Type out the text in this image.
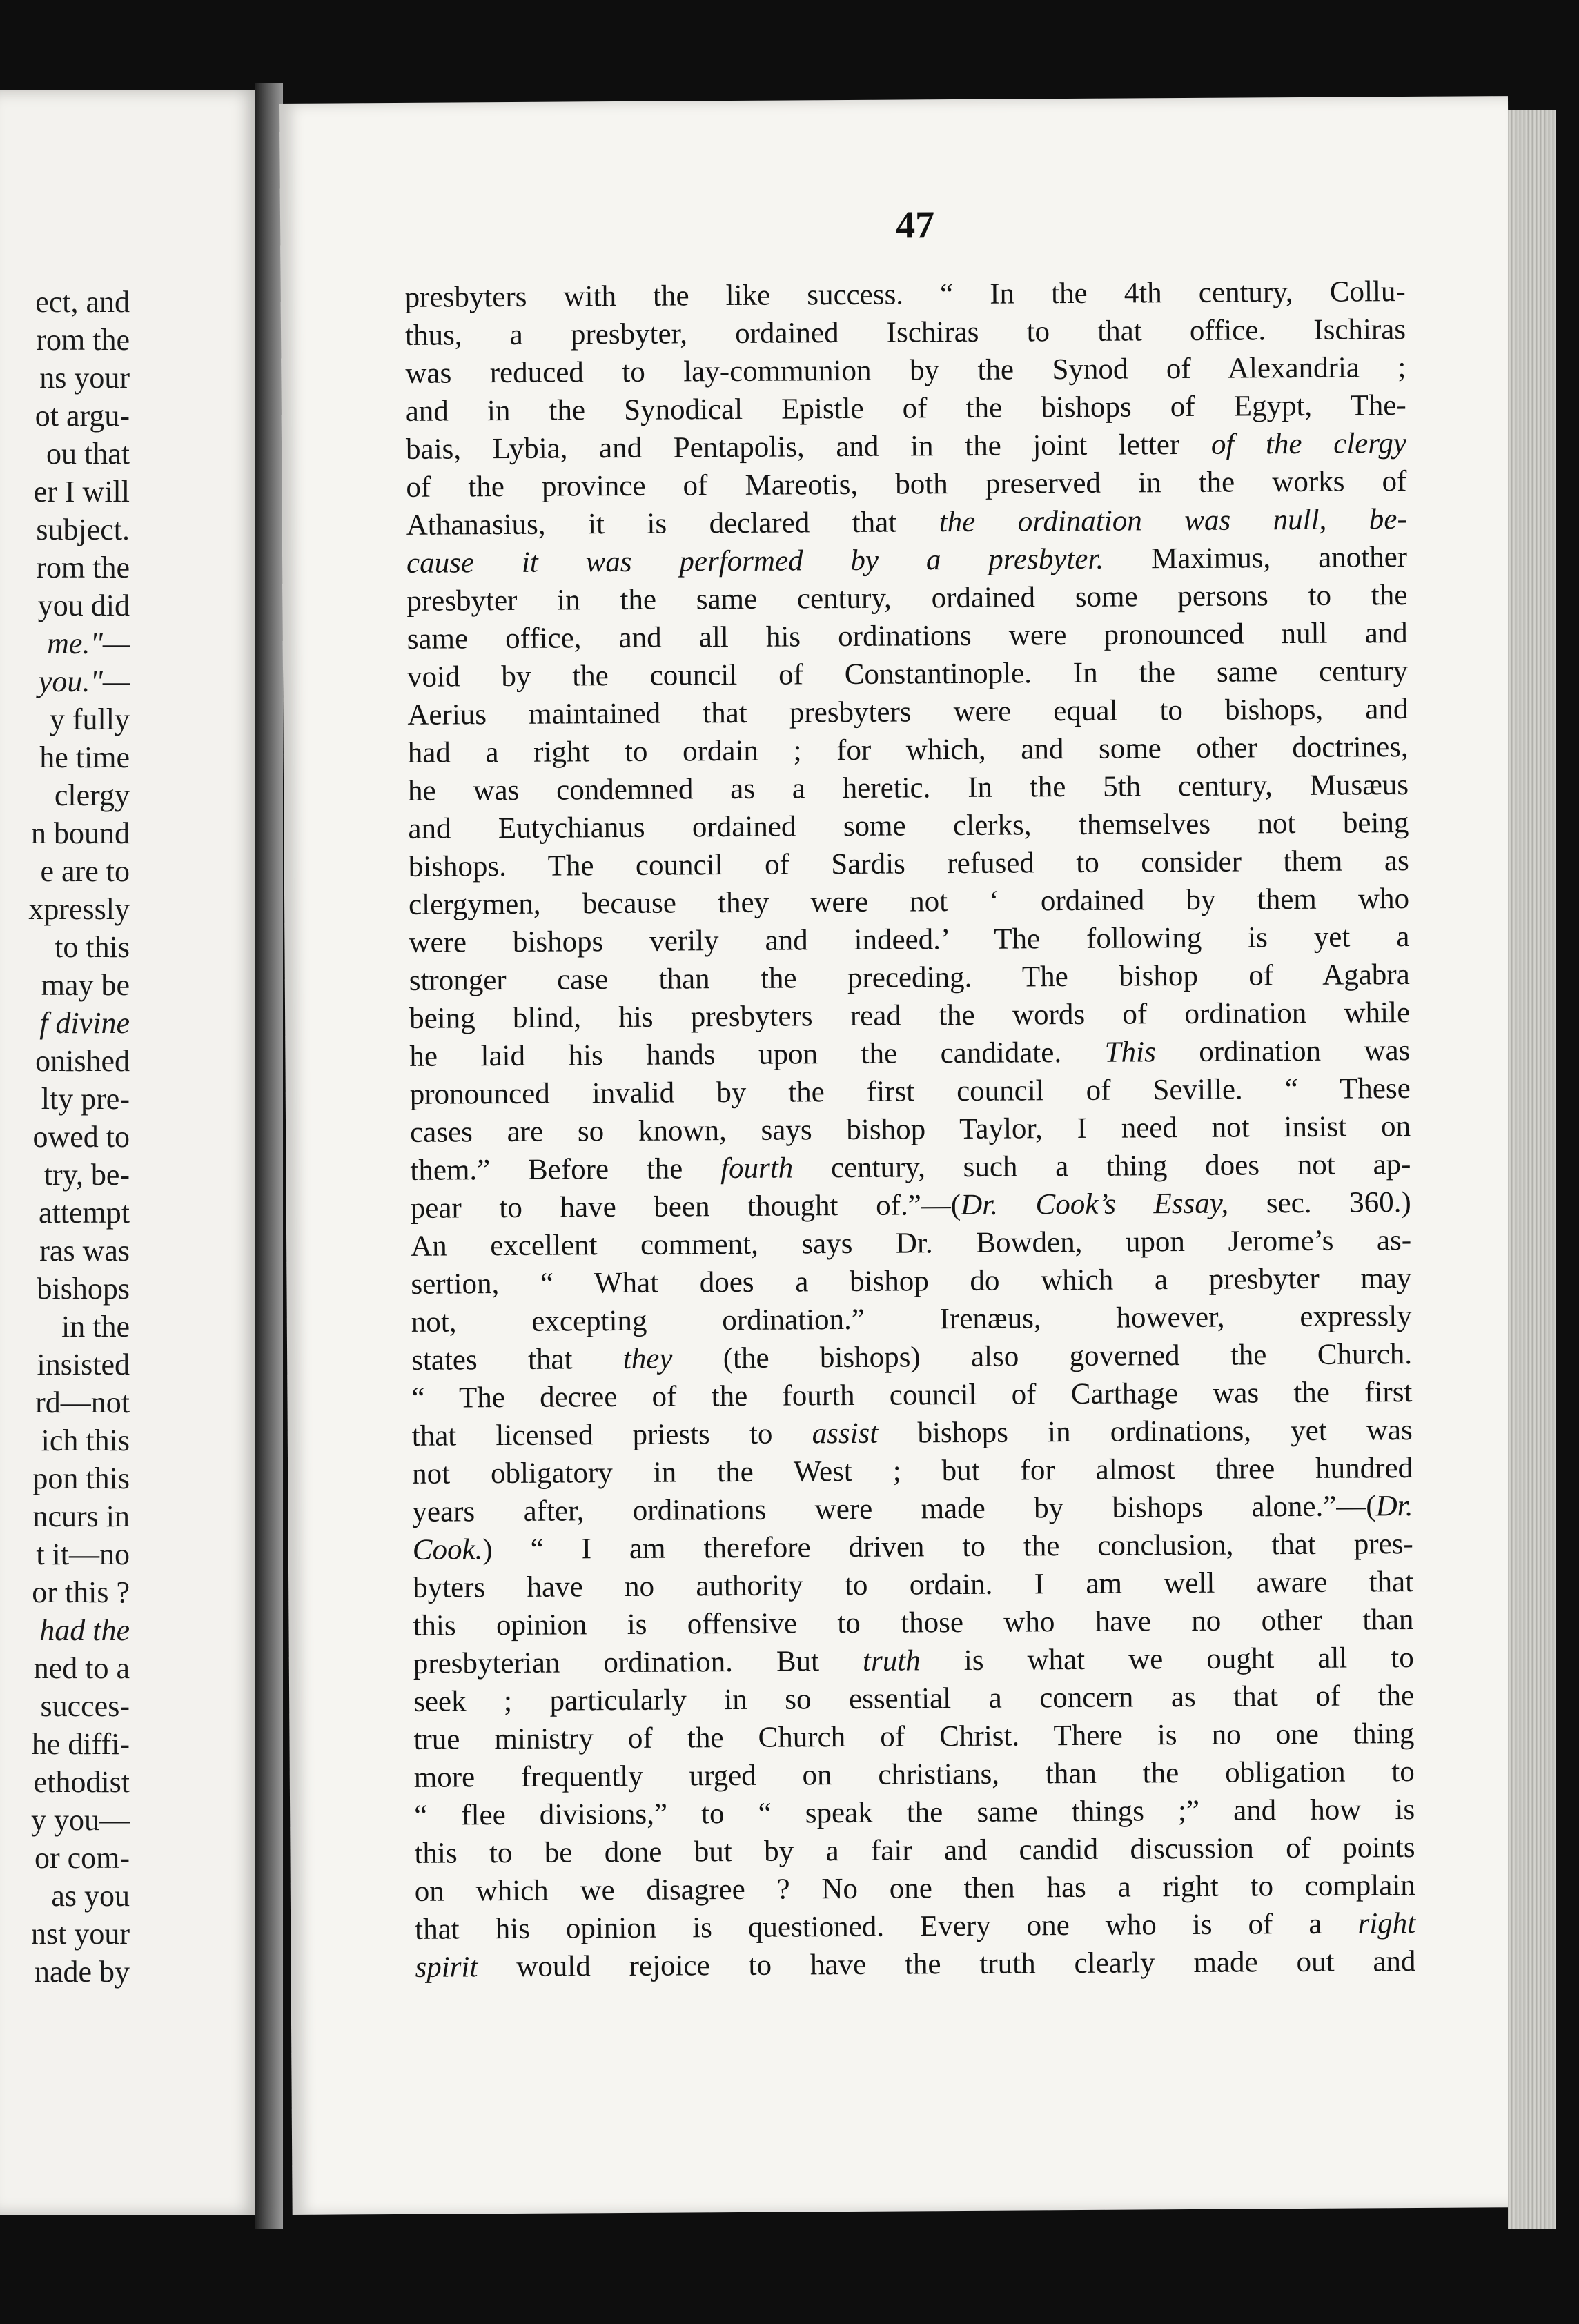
ect, and
rom the
ns your
ot argu-
ou that
er I will
subject.
rom the
you did
me."—
you."—
y fully
he time
clergy
n bound
e are to
xpressly
to this
may be
f divine
onished
lty pre-
owed to
try, be-
attempt
ras was
bishops
in the
insisted
rd—not
ich this
pon this
ncurs in
t it—no
or this ?
had the
ned to a
succes-
he diffi-
ethodist
y you—
or com-
as you
nst your
nade by
47
presbyters with the like success. “ In the 4th century, Collu-
thus, a presbyter, ordained Ischiras to that office. Ischiras
was reduced to lay-communion by the Synod of Alexandria ;
and in the Synodical Epistle of the bishops of Egypt, The-
bais, Lybia, and Pentapolis, and in the joint letter of the clergy
of the province of Mareotis, both preserved in the works of
Athanasius, it is declared that the ordination was null, be-
cause it was performed by a presbyter. Maximus, another
presbyter in the same century, ordained some persons to the
same office, and all his ordinations were pronounced null and
void by the council of Constantinople. In the same century
Aerius maintained that presbyters were equal to bishops, and
had a right to ordain ; for which, and some other doctrines,
he was condemned as a heretic. In the 5th century, Musæus
and Eutychianus ordained some clerks, themselves not being
bishops. The council of Sardis refused to consider them as
clergymen, because they were not ‘ ordained by them who
were bishops verily and indeed.’ The following is yet a
stronger case than the preceding. The bishop of Agabra
being blind, his presbyters read the words of ordination while
he laid his hands upon the candidate. This ordination was
pronounced invalid by the first council of Seville. “ These
cases are so known, says bishop Taylor, I need not insist on
them.” Before the fourth century, such a thing does not ap-
pear to have been thought of.”—(Dr. Cook’s Essay, sec. 360.)
An excellent comment, says Dr. Bowden, upon Jerome’s as-
sertion, “ What does a bishop do which a presbyter may
not, excepting ordination.” Irenæus, however, expressly
states that they (the bishops) also governed the Church.
“ The decree of the fourth council of Carthage was the first
that licensed priests to assist bishops in ordinations, yet was
not obligatory in the West ; but for almost three hundred
years after, ordinations were made by bishops alone.”—(Dr.
Cook.) “ I am therefore driven to the conclusion, that pres-
byters have no authority to ordain. I am well aware that
this opinion is offensive to those who have no other than
presbyterian ordination. But truth is what we ought all to
seek ; particularly in so essential a concern as that of the
true ministry of the Church of Christ. There is no one thing
more frequently urged on christians, than the obligation to
“ flee divisions,” to “ speak the same things ;” and how is
this to be done but by a fair and candid discussion of points
on which we disagree ? No one then has a right to complain
that his opinion is questioned. Every one who is of a right
spirit would rejoice to have the truth clearly made out and
